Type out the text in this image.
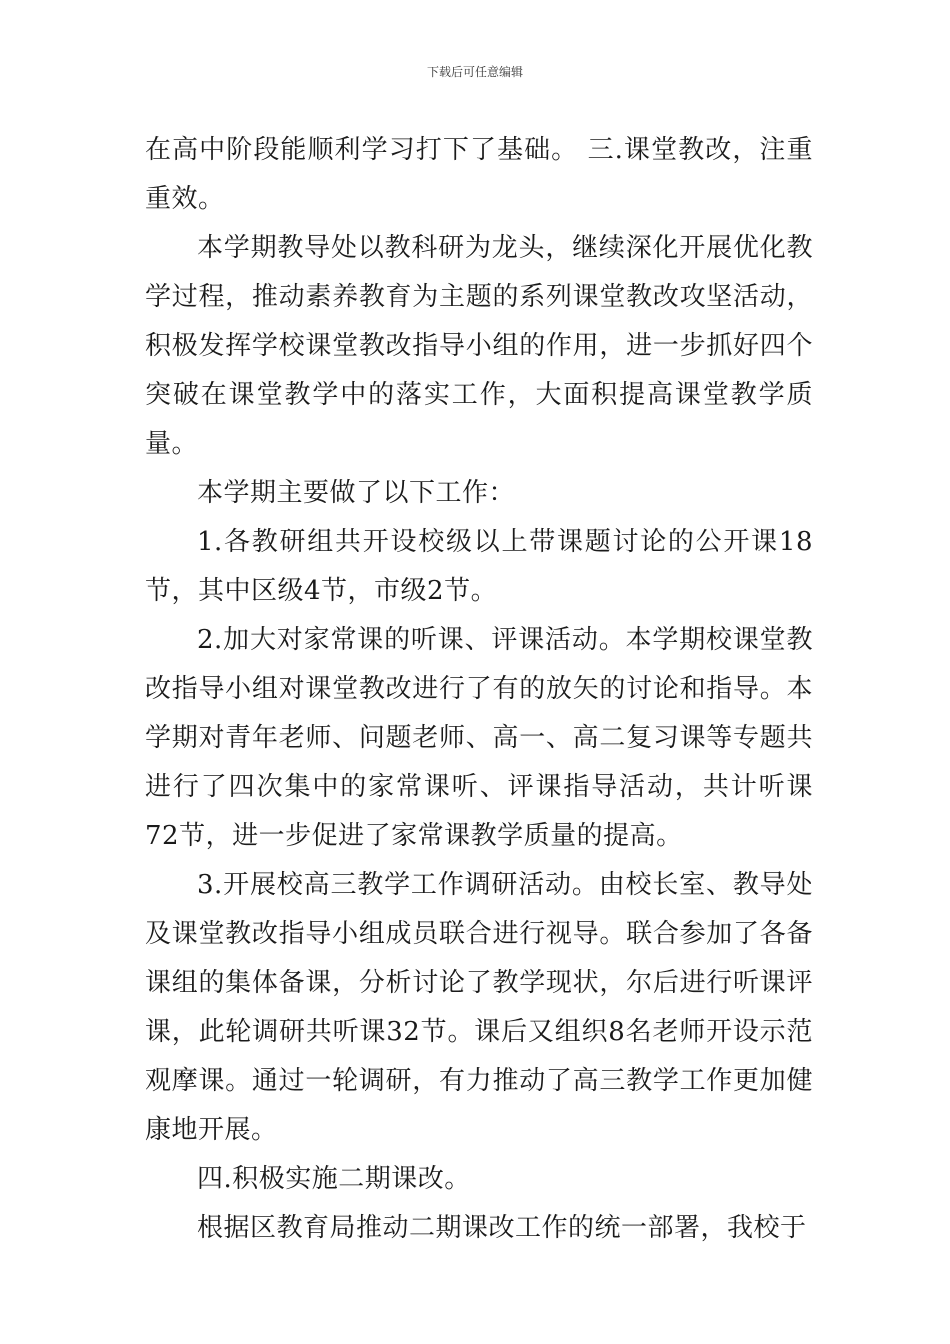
下载后可任意编辑

在高中阶段能顺利学习打下了基础。 三.课堂教改，注重重效。

本学期教导处以教科研为龙头，继续深化开展优化教学过程，推动素养教育为主题的系列课堂教改攻坚活动，积极发挥学校课堂教改指导小组的作用，进一步抓好四个突破在课堂教学中的落实工作，大面积提高课堂教学质量。

本学期主要做了以下工作：

1.各教研组共开设校级以上带课题讨论的公开课18节，其中区级4节，市级2节。

2.加大对家常课的听课、评课活动。本学期校课堂教改指导小组对课堂教改进行了有的放矢的讨论和指导。本学期对青年老师、问题老师、高一、高二复习课等专题共进行了四次集中的家常课听、评课指导活动，共计听课72节，进一步促进了家常课教学质量的提高。

3.开展校高三教学工作调研活动。由校长室、教导处及课堂教改指导小组成员联合进行视导。联合参加了各备课组的集体备课，分析讨论了教学现状，尔后进行听课评课，此轮调研共听课32节。课后又组织8名老师开设示范观摩课。通过一轮调研，有力推动了高三教学工作更加健康地开展。

四.积极实施二期课改。

根据区教育局推动二期课改工作的统一部署，我校于
